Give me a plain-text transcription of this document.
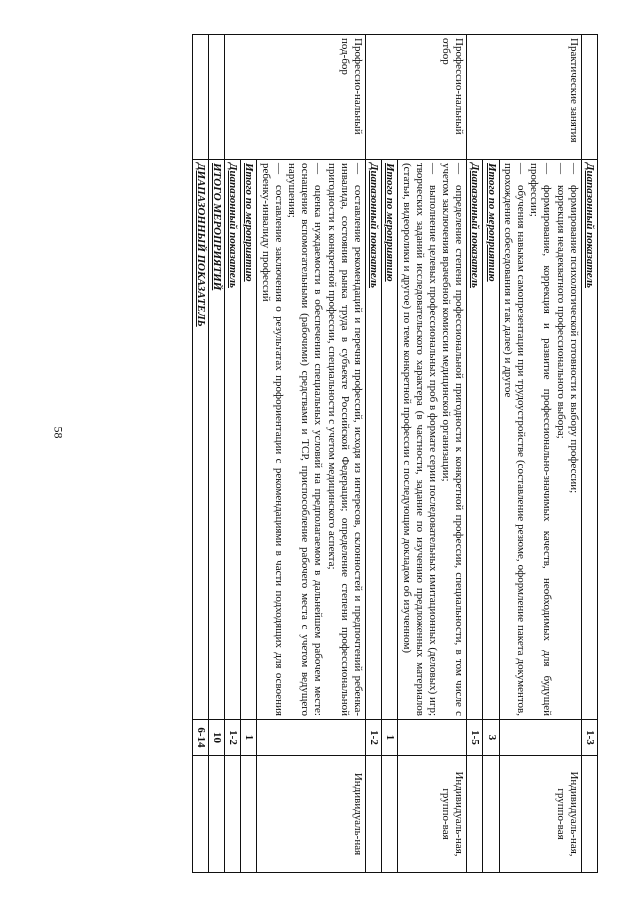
58
	Диапазонный показатель	1-3	
Практические занятия	—формирование психологической готовности к выбору профессии;
—коррекция неадекватного профессионального выбора;
—формирование, коррекция и развитие профессионально-значимых качеств, необходимых для будущей профессии;
—обучения навыкам самопрезентации при трудоустройстве (составление резюме, оформление пакета документов, прохождение собеседования и так далее) и другое		Индивидуаль-ная, группо-вая
	Итого по мероприятию	3	
	Диапазонный показатель	1-5	
Профессио-нальный отбор	—определение степени профессиональной пригодности к конкретной профессии, специальности, в том числе с учетом заключения врачебной комиссии медицинской организации;
—выполнение целевых профессиональных проб в формате серии последовательных имитационных (деловых) игр; творческих заданий исследовательского характера (в частности, задание по изучению предложенных материалов (статьи, видеоролики и другое) по теме конкретной профессии с последующим докладом об изученном)		Индивидуаль-ная, группо-вая
	Итого по мероприятию	1	
	Диапазонный показатель	1-2	
Профессио-нальный под-бор	—составление рекомендаций и перечня профессий, исходя из интересов, склонностей и предпочтений ребенка-инвалида, состояния рынка труда в субъекте Российской Федерации; определение степени профессиональной пригодности к конкретной профессии, специальности с учетом медицинского аспекта;
—оценка нуждаемости в обеспечении специальных условий на предполагаемом в дальнейшем рабочем месте: оснащение вспомогательными (рабочими) средствами и ТСР, приспособление рабочего места с учетом ведущего нарушения;
—составление заключения о результатах профориентации с рекомендациями в части подходящих для освоения ребенку-инвалиду профессий		Индивидуаль-ная
	Итого по мероприятию	1	
	Диапазонный показатель	1-2	
	ИТОГО МЕРОПРИЯТИЙ	10	
	ДИАПАЗОННЫЙ ПОКАЗАТЕЛЬ	6-14	
